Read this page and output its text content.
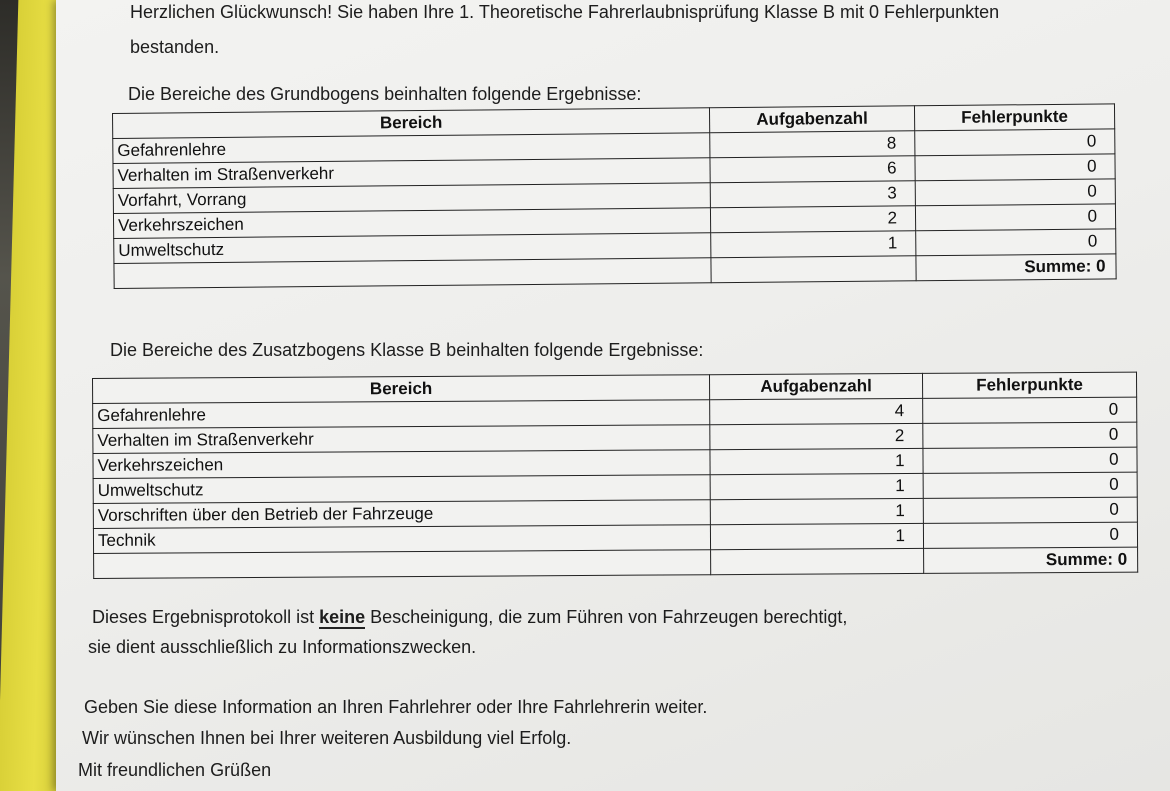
Herzlichen Glückwunsch! Sie haben Ihre 1. Theoretische Fahrerlaubnisprüfung Klasse B mit 0 Fehlerpunkten
bestanden.
Die Bereiche des Grundbogens beinhalten folgende Ergebnisse:
Bereich	Aufgabenzahl	Fehlerpunkte
Gefahrenlehre	8	0
Verhalten im Straßenverkehr	6	0
Vorfahrt, Vorrang	3	0
Verkehrszeichen	2	0
Umweltschutz	1	0
		Summe: 0
Die Bereiche des Zusatzbogens Klasse B beinhalten folgende Ergebnisse:
Bereich	Aufgabenzahl	Fehlerpunkte
Gefahrenlehre	4	0
Verhalten im Straßenverkehr	2	0
Verkehrszeichen	1	0
Umweltschutz	1	0
Vorschriften über den Betrieb der Fahrzeuge	1	0
Technik	1	0
		Summe: 0
Dieses Ergebnisprotokoll ist keine Bescheinigung, die zum Führen von Fahrzeugen berechtigt,
sie dient ausschließlich zu Informationszwecken.
Geben Sie diese Information an Ihren Fahrlehrer oder Ihre Fahrlehrerin weiter.
Wir wünschen Ihnen bei Ihrer weiteren Ausbildung viel Erfolg.
Mit freundlichen Grüßen
